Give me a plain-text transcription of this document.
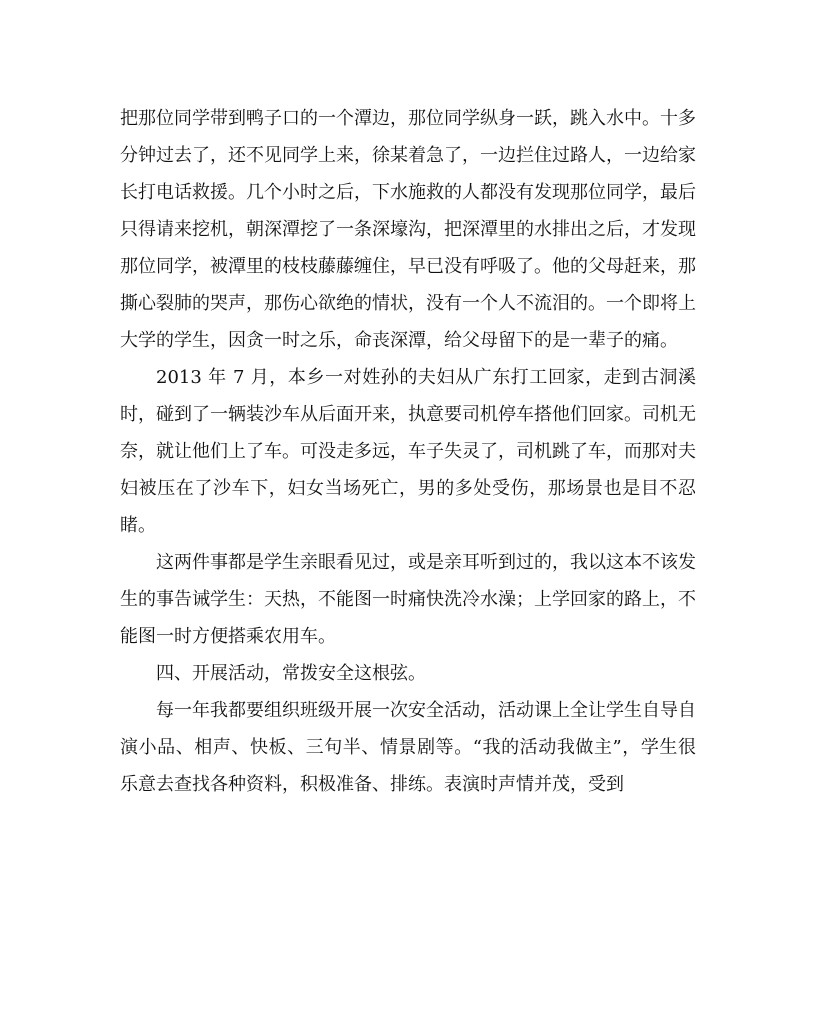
把那位同学带到鸭子口的一个潭边，那位同学纵身一跃，跳入水中。十多分钟过去了，还不见同学上来，徐某着急了，一边拦住过路人，一边给家长打电话救援。几个小时之后，下水施救的人都没有发现那位同学，最后只得请来挖机，朝深潭挖了一条深壕沟，把深潭里的水排出之后，才发现那位同学，被潭里的枝枝藤藤缠住，早已没有呼吸了。他的父母赶来，那撕心裂肺的哭声，那伤心欲绝的情状，没有一个人不流泪的。一个即将上大学的学生，因贪一时之乐，命丧深潭，给父母留下的是一辈子的痛。

2013 年 7 月，本乡一对姓孙的夫妇从广东打工回家，走到古洞溪时，碰到了一辆装沙车从后面开来，执意要司机停车搭他们回家。司机无奈，就让他们上了车。可没走多远，车子失灵了，司机跳了车，而那对夫妇被压在了沙车下，妇女当场死亡，男的多处受伤，那场景也是目不忍睹。

这两件事都是学生亲眼看见过，或是亲耳听到过的，我以这本不该发生的事告诫学生：天热，不能图一时痛快洗冷水澡；上学回家的路上，不能图一时方便搭乘农用车。

四、开展活动，常拨安全这根弦。

每一年我都要组织班级开展一次安全活动，活动课上全让学生自导自演小品、相声、快板、三句半、情景剧等。“我的活动我做主”，学生很乐意去查找各种资料，积极准备、排练。表演时声情并茂，受到
